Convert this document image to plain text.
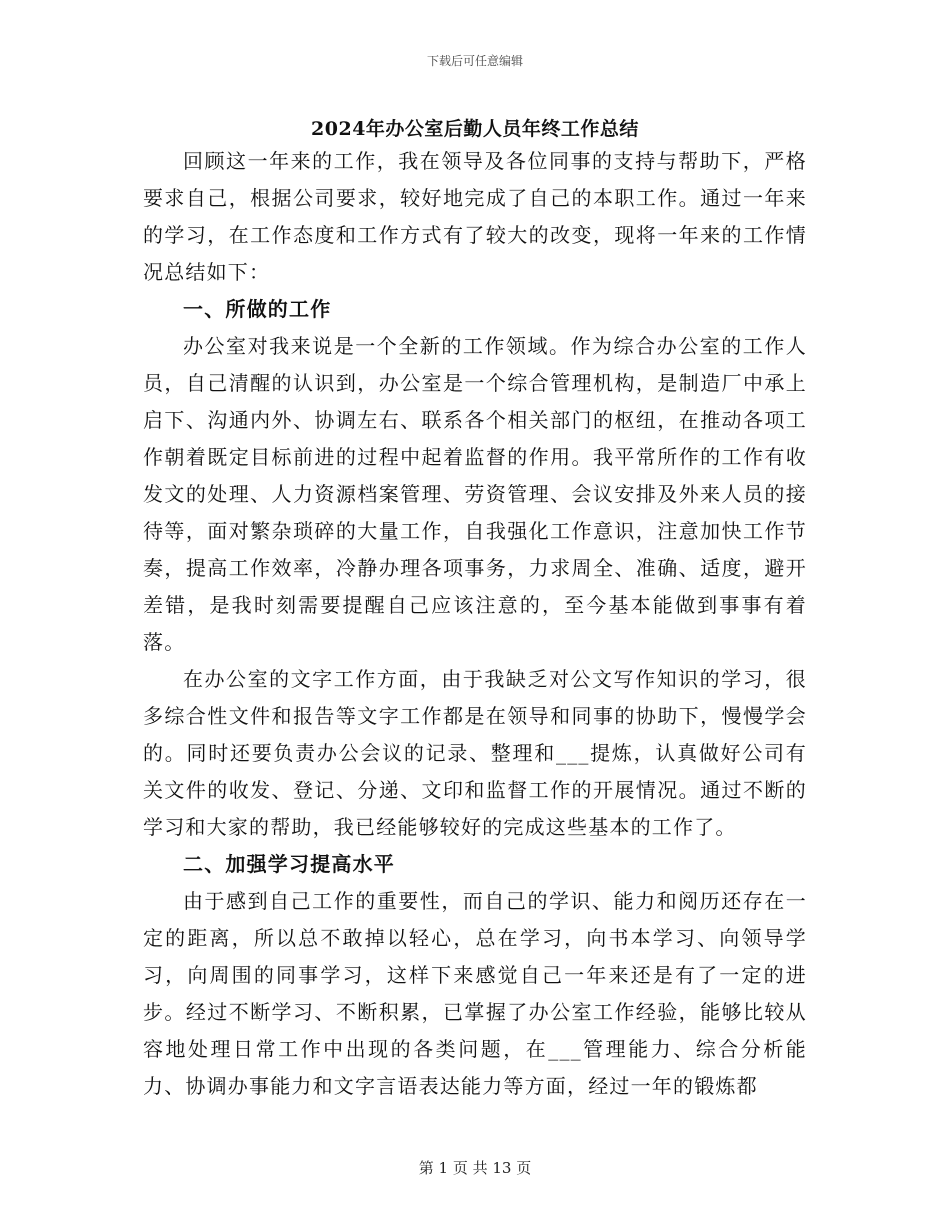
下载后可任意编辑
2024年办公室后勤人员年终工作总结

回顾这一年来的工作，我在领导及各位同事的支持与帮助下，严格要求自己，根据公司要求，较好地完成了自己的本职工作。通过一年来的学习，在工作态度和工作方式有了较大的改变，现将一年来的工作情况总结如下：

一、所做的工作

办公室对我来说是一个全新的工作领域。作为综合办公室的工作人员，自己清醒的认识到，办公室是一个综合管理机构，是制造厂中承上启下、沟通内外、协调左右、联系各个相关部门的枢纽，在推动各项工作朝着既定目标前进的过程中起着监督的作用。我平常所作的工作有收发文的处理、人力资源档案管理、劳资管理、会议安排及外来人员的接待等，面对繁杂琐碎的大量工作，自我强化工作意识，注意加快工作节奏，提高工作效率，冷静办理各项事务，力求周全、准确、适度，避开差错，是我时刻需要提醒自己应该注意的，至今基本能做到事事有着落。

在办公室的文字工作方面，由于我缺乏对公文写作知识的学习，很多综合性文件和报告等文字工作都是在领导和同事的协助下，慢慢学会的。同时还要负责办公会议的记录、整理和___提炼，认真做好公司有关文件的收发、登记、分递、文印和监督工作的开展情况。通过不断的学习和大家的帮助，我已经能够较好的完成这些基本的工作了。

二、加强学习提高水平

由于感到自己工作的重要性，而自己的学识、能力和阅历还存在一定的距离，所以总不敢掉以轻心，总在学习，向书本学习、向领导学习，向周围的同事学习，这样下来感觉自己一年来还是有了一定的进步。经过不断学习、不断积累，已掌握了办公室工作经验，能够比较从容地处理日常工作中出现的各类问题，在___管理能力、综合分析能力、协调办事能力和文字言语表达能力等方面，经过一年的锻炼都

第 1 页 共 13 页
